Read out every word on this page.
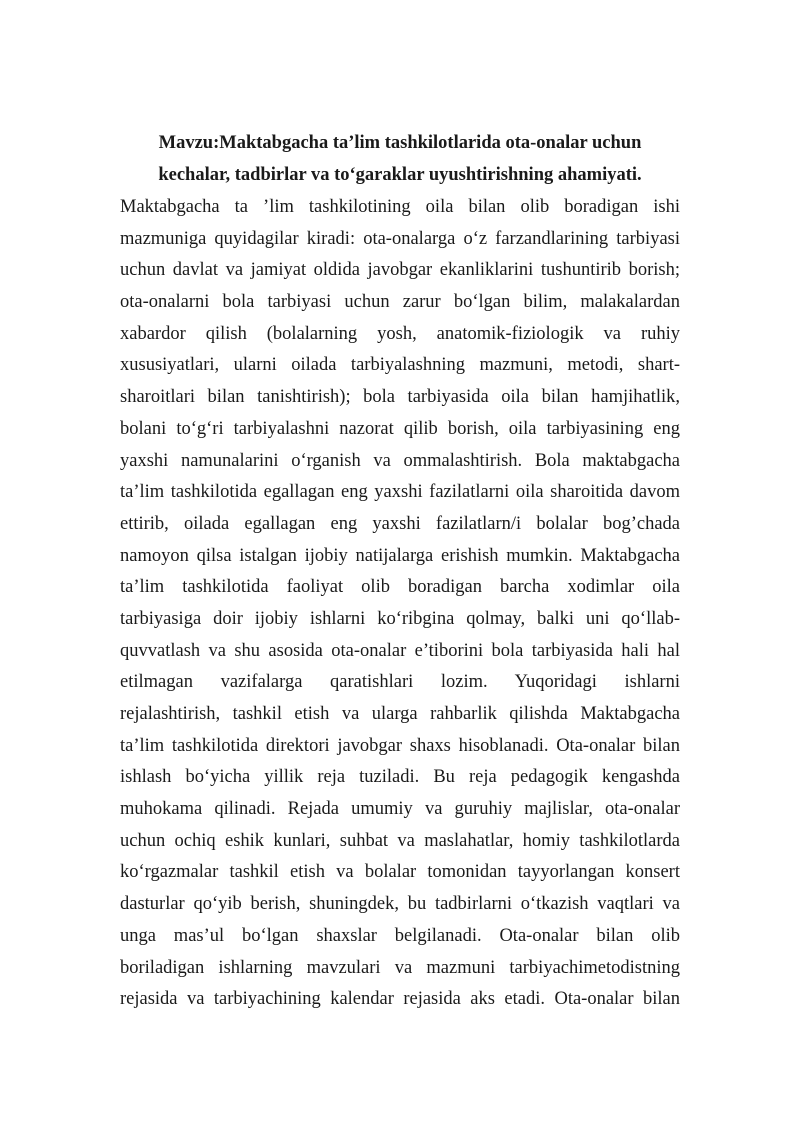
Mavzu:Maktabgacha ta’lim tashkilotlarida ota-onalar uchun
kechalar, tadbirlar va to‘garaklar uyushtirishning ahamiyati.
Maktabgacha ta ’lim tashkilotining oila bilan olib boradigan ishi
mazmuniga quyidagilar kiradi: ota-onalarga o‘z farzandlarining tarbiyasi
uchun davlat va jamiyat oldida javobgar ekanliklarini tushuntirib borish;
ota-onalarni bola tarbiyasi uchun zarur bo‘lgan bilim, malakalardan
xabardor qilish (bolalarning yosh, anatomik-fiziologik va ruhiy
xususiyatlari, ularni oilada tarbiyalashning mazmuni, metodi, shart-
sharoitlari bilan tanishtirish); bola tarbiyasida oila bilan hamjihatlik,
bolani to‘g‘ri tarbiyalashni nazorat qilib borish, oila tarbiyasining eng
yaxshi namunalarini o‘rganish va ommalashtirish. Bola maktabgacha
ta’lim tashkilotida egallagan eng yaxshi fazilatlarni oila sharoitida davom
ettirib, oilada egallagan eng yaxshi fazilatlarn/i bolalar bog’chada
namoyon qilsa istalgan ijobiy natijalarga erishish mumkin. Maktabgacha
ta’lim tashkilotida faoliyat olib boradigan barcha xodimlar oila
tarbiyasiga doir ijobiy ishlarni ko‘ribgina qolmay, balki uni qo‘llab-
quvvatlash va shu asosida ota-onalar e’tiborini bola tarbiyasida hali hal
etilmagan vazifalarga qaratishlari lozim. Yuqoridagi ishlarni
rejalashtirish, tashkil etish va ularga rahbarlik qilishda Maktabgacha
ta’lim tashkilotida direktori javobgar shaxs hisoblanadi. Ota-onalar bilan
ishlash bo‘yicha yillik reja tuziladi. Bu reja pedagogik kengashda
muhokama qilinadi. Rejada umumiy va guruhiy majlislar, ota-onalar
uchun ochiq eshik kunlari, suhbat va maslahatlar, homiy tashkilotlarda
ko‘rgazmalar tashkil etish va bolalar tomonidan tayyorlangan konsert
dasturlar qo‘yib berish, shuningdek, bu tadbirlarni o‘tkazish vaqtlari va
unga mas’ul bo‘lgan shaxslar belgilanadi. Ota-onalar bilan olib
boriladigan ishlarning mavzulari va mazmuni tarbiyachimetodistning
rejasida va tarbiyachining kalendar rejasida aks etadi. Ota-onalar bilan
